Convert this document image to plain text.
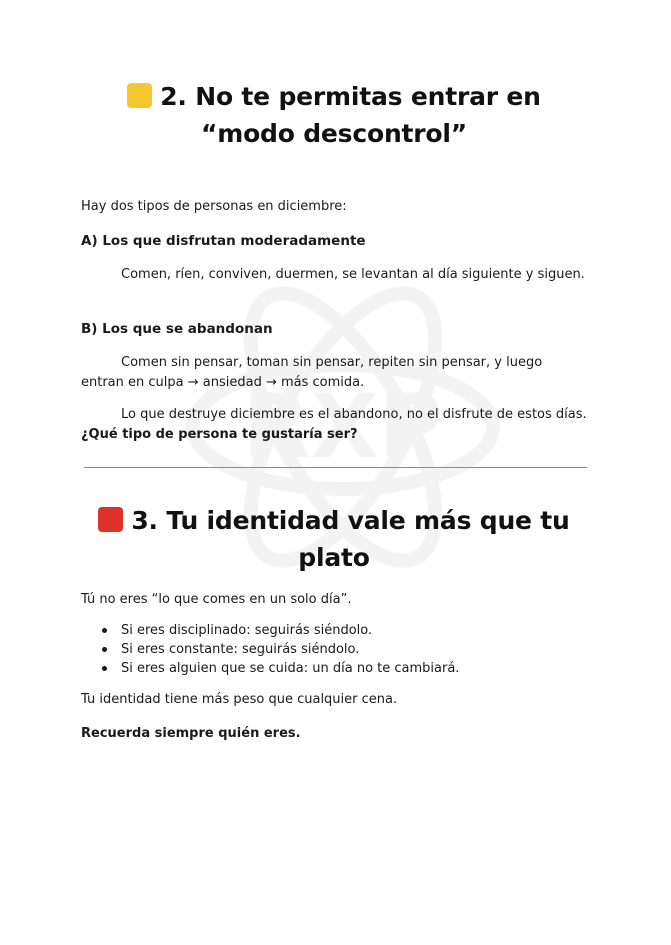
2. No te permitas entrar en “modo descontrol”

Hay dos tipos de personas en diciembre:

A) Los que disfrutan moderadamente

Comen, ríen, conviven, duermen, se levantan al día siguiente y siguen.

B) Los que se abandonan

Comen sin pensar, toman sin pensar, repiten sin pensar, y luego entran en culpa → ansiedad → más comida.

Lo que destruye diciembre es el abandono, no el disfrute de estos días. ¿Qué tipo de persona te gustaría ser?

3. Tu identidad vale más que tu plato

Tú no eres “lo que comes en un solo día”.

Si eres disciplinado: seguirás siéndolo.
Si eres constante: seguirás siéndolo.
Si eres alguien que se cuida: un día no te cambiará.

Tu identidad tiene más peso que cualquier cena.

Recuerda siempre quién eres.
